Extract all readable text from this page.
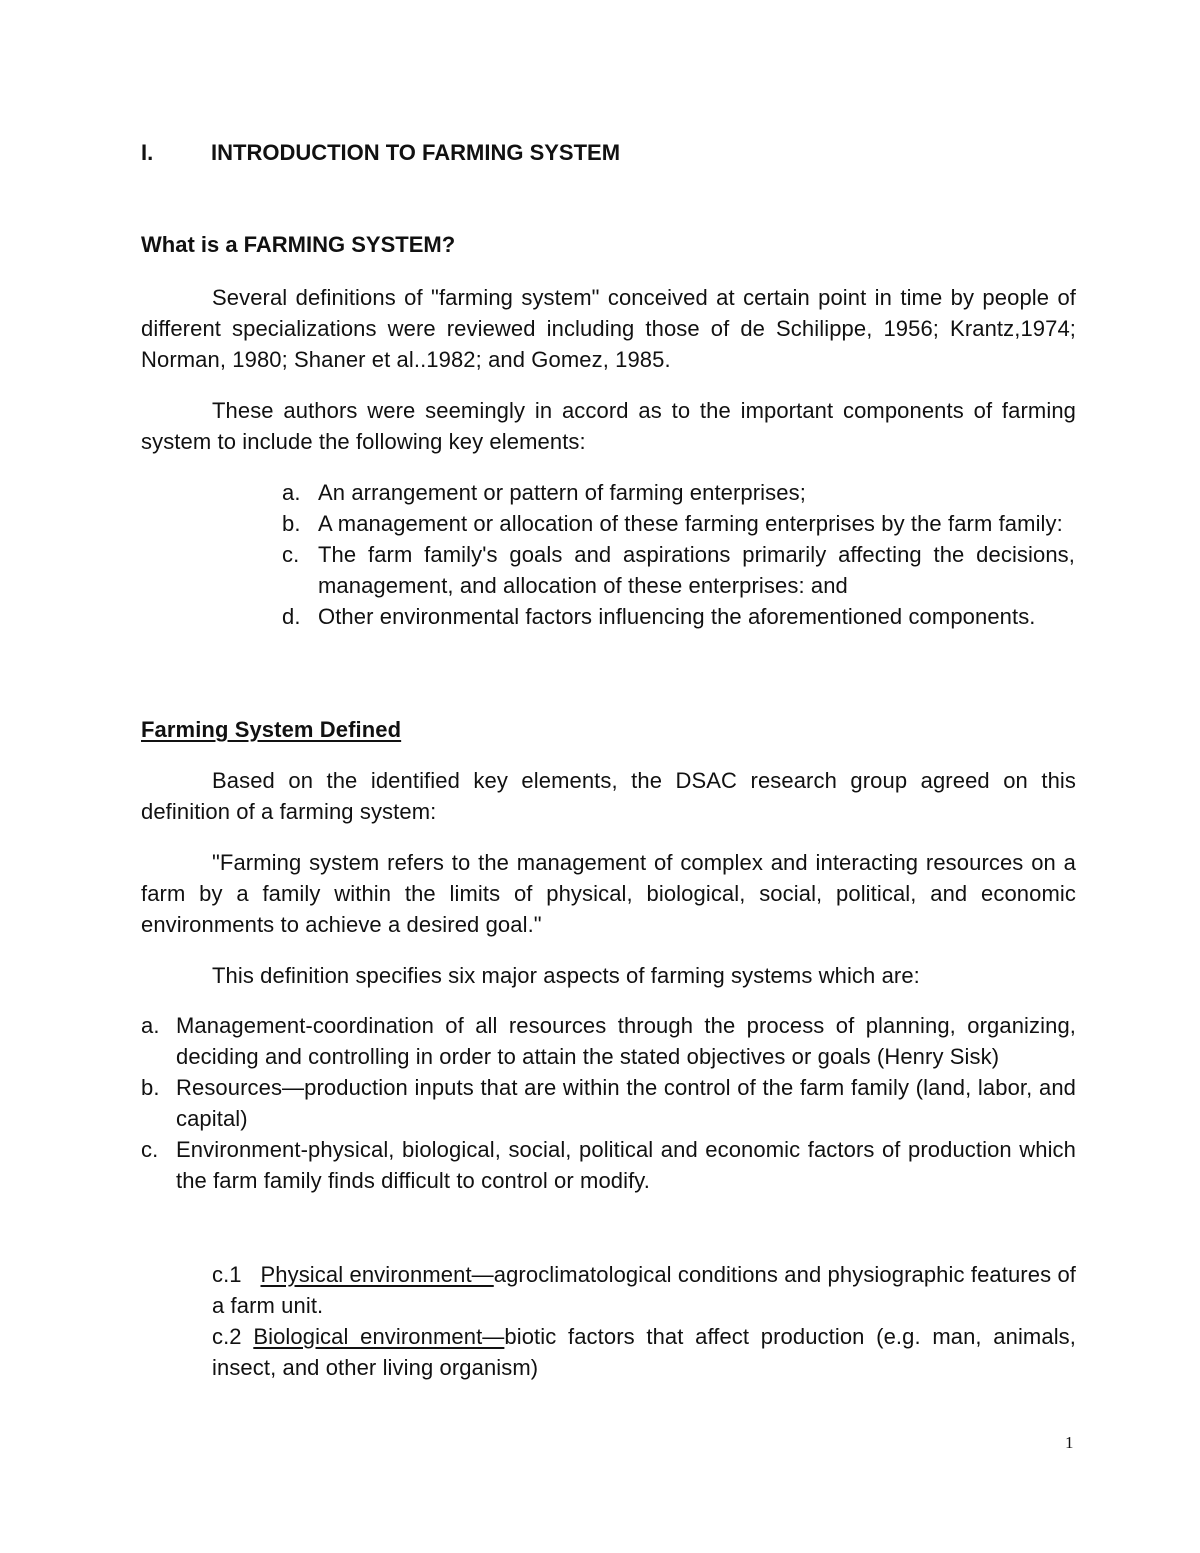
I.	INTRODUCTION TO FARMING SYSTEM
What is a FARMING SYSTEM?

Several definitions of "farming system" conceived at certain point in time by people of different specializations were reviewed including those of de Schilippe, 1956; Krantz,1974; Norman, 1980; Shaner et al..1982; and Gomez, 1985.

These authors were seemingly in accord as to the important components of farming system to include the following key elements:

a. An arrangement or pattern of farming enterprises;
b. A management or allocation of these farming enterprises by the farm family:
c. The farm family's goals and aspirations primarily affecting the decisions, management, and allocation of these enterprises: and
d. Other environmental factors influencing the aforementioned components.
Farming System Defined

Based on the identified key elements, the DSAC research group agreed on this definition of a farming system:

"Farming system refers to the management of complex and interacting resources on a farm by a family within the limits of physical, biological, social, political, and economic environments to achieve a desired goal."

This definition specifies six major aspects of farming systems which are:

a. Management-coordination of all resources through the process of planning, organizing, deciding and controlling in order to attain the stated objectives or goals (Henry Sisk)
b. Resources—production inputs that are within the control of the farm family (land, labor, and capital)
c. Environment-physical, biological, social, political and economic factors of production which the farm family finds difficult to control or modify.
c.1 Physical environment—agroclimatological conditions and physiographic features of a farm unit.
c.2 Biological environment—biotic factors that affect production (e.g. man, animals, insect, and other living organism)
1
